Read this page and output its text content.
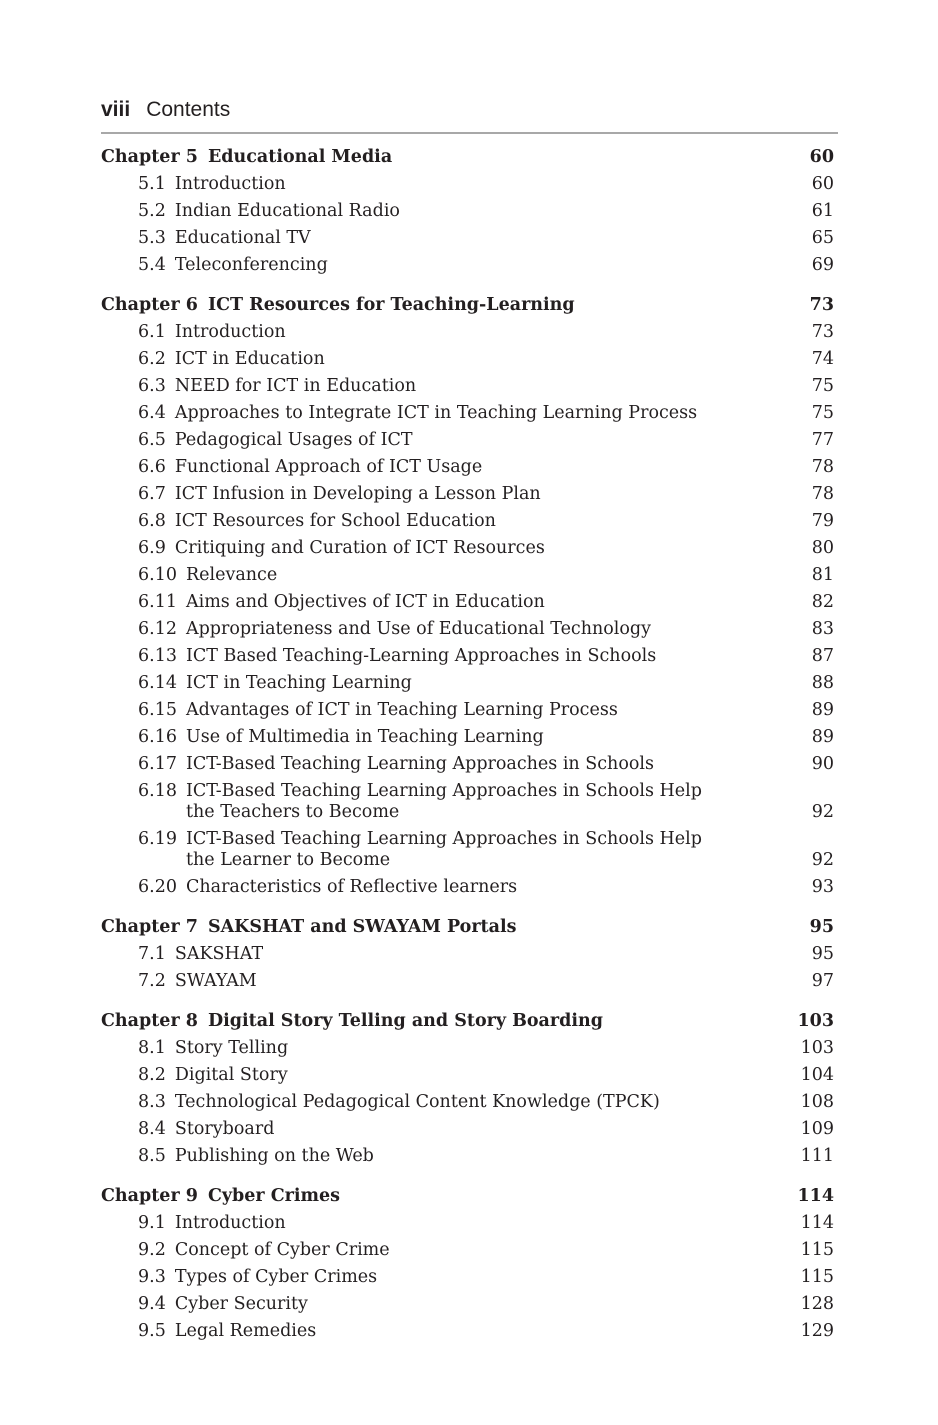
viii Contents
Chapter 5 Educational Media	60
5.1 Introduction	60
5.2 Indian Educational Radio	61
5.3 Educational TV	65
5.4 Teleconferencing	69
Chapter 6 ICT Resources for Teaching-Learning	73
6.1 Introduction	73
6.2 ICT in Education	74
6.3 NEED for ICT in Education	75
6.4 Approaches to Integrate ICT in Teaching Learning Process	75
6.5 Pedagogical Usages of ICT	77
6.6 Functional Approach of ICT Usage	78
6.7 ICT Infusion in Developing a Lesson Plan	78
6.8 ICT Resources for School Education	79
6.9 Critiquing and Curation of ICT Resources	80
6.10 Relevance	81
6.11 Aims and Objectives of ICT in Education	82
6.12 Appropriateness and Use of Educational Technology	83
6.13 ICT Based Teaching-Learning Approaches in Schools	87
6.14 ICT in Teaching Learning	88
6.15 Advantages of ICT in Teaching Learning Process	89
6.16 Use of Multimedia in Teaching Learning	89
6.17 ICT-Based Teaching Learning Approaches in Schools	90
6.18 ICT-Based Teaching Learning Approaches in Schools Help
the Teachers to Become	92
6.19 ICT-Based Teaching Learning Approaches in Schools Help
the Learner to Become	92
6.20 Characteristics of Reflective learners	93
Chapter 7 SAKSHAT and SWAYAM Portals	95
7.1 SAKSHAT	95
7.2 SWAYAM	97
Chapter 8 Digital Story Telling and Story Boarding	103
8.1 Story Telling	103
8.2 Digital Story	104
8.3 Technological Pedagogical Content Knowledge (TPCK)	108
8.4 Storyboard	109
8.5 Publishing on the Web	111
Chapter 9 Cyber Crimes	114
9.1 Introduction	114
9.2 Concept of Cyber Crime	115
9.3 Types of Cyber Crimes	115
9.4 Cyber Security	128
9.5 Legal Remedies	129
